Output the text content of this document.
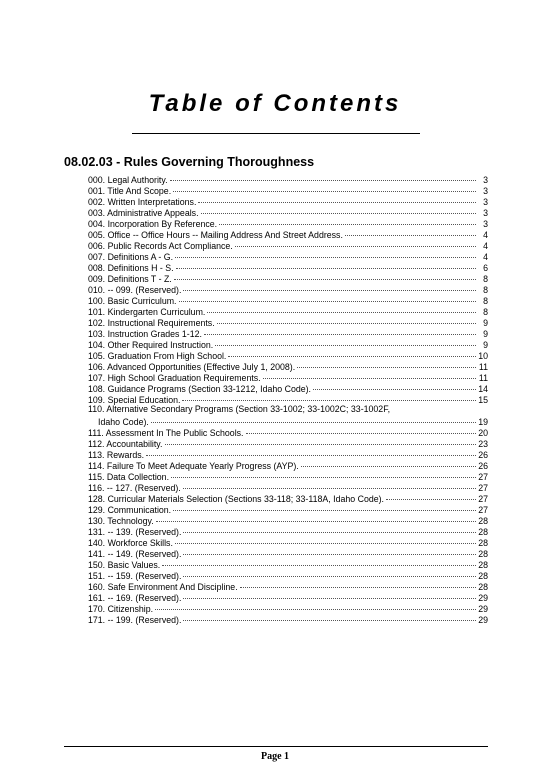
Table of Contents
08.02.03 - Rules Governing Thoroughness
000. Legal Authority.	3
001. Title And Scope.	3
002. Written Interpretations.	3
003. Administrative Appeals.	3
004. Incorporation By Reference.	3
005. Office -- Office Hours -- Mailing Address And Street Address.	4
006. Public Records Act Compliance.	4
007. Definitions A - G.	4
008. Definitions H - S.	6
009. Definitions T - Z.	8
010. -- 099. (Reserved).	8
100. Basic Curriculum.	8
101. Kindergarten Curriculum.	8
102. Instructional Requirements.	9
103. Instruction Grades 1-12.	9
104. Other Required Instruction.	9
105. Graduation From High School.	10
106. Advanced Opportunities (Effective July 1, 2008).	11
107. High School Graduation Requirements.	11
108. Guidance Programs (Section 33-1212, Idaho Code).	14
109. Special Education.	15
110. Alternative Secondary Programs (Section 33-1002; 33-1002C; 33-1002F,
Idaho Code).	19
111. Assessment In The Public Schools.	20
112. Accountability.	23
113. Rewards.	26
114. Failure To Meet Adequate Yearly Progress (AYP).	26
115. Data Collection.	27
116. -- 127. (Reserved).	27
128. Curricular Materials Selection (Sections 33-118; 33-118A, Idaho Code).	27
129. Communication.	27
130. Technology.	28
131. -- 139. (Reserved).	28
140. Workforce Skills.	28
141. -- 149. (Reserved).	28
150. Basic Values.	28
151. -- 159. (Reserved).	28
160. Safe Environment And Discipline.	28
161. -- 169. (Reserved).	29
170. Citizenship.	29
171. -- 199. (Reserved).	29
Page 1
